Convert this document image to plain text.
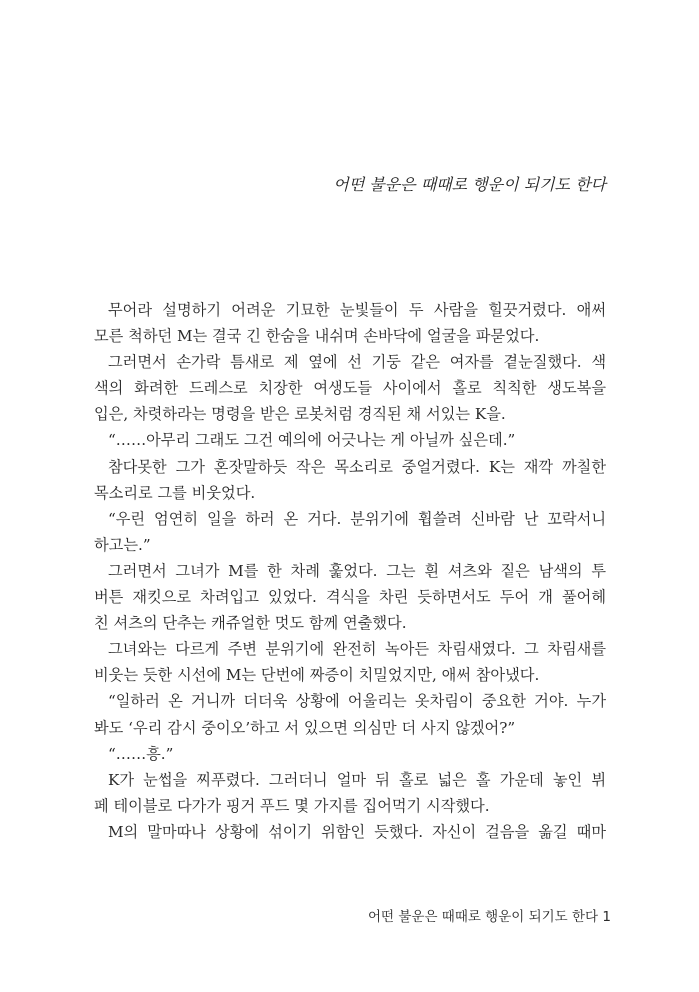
어떤 불운은 때때로 행운이 되기도 한다
무어라 설명하기 어려운 기묘한 눈빛들이 두 사람을 힐끗거렸다. 애써
모른 척하던 M는 결국 긴 한숨을 내쉬며 손바닥에 얼굴을 파묻었다.
그러면서 손가락 틈새로 제 옆에 선 기둥 같은 여자를 곁눈질했다. 색
색의 화려한 드레스로 치장한 여생도들 사이에서 홀로 칙칙한 생도복을
입은, 차렷하라는 명령을 받은 로봇처럼 경직된 채 서있는 K을.
“……아무리 그래도 그건 예의에 어긋나는 게 아닐까 싶은데.”
참다못한 그가 혼잣말하듯 작은 목소리로 중얼거렸다. K는 재깍 까칠한
목소리로 그를 비웃었다.
“우린 엄연히 일을 하러 온 거다. 분위기에 휩쓸려 신바람 난 꼬락서니
하고는.”
그러면서 그녀가 M를 한 차례 훑었다. 그는 흰 셔츠와 짙은 남색의 투
버튼 재킷으로 차려입고 있었다. 격식을 차린 듯하면서도 두어 개 풀어헤
친 셔츠의 단추는 캐쥬얼한 멋도 함께 연출했다.
그녀와는 다르게 주변 분위기에 완전히 녹아든 차림새였다. 그 차림새를
비웃는 듯한 시선에 M는 단번에 짜증이 치밀었지만, 애써 참아냈다.
“일하러 온 거니까 더더욱 상황에 어울리는 옷차림이 중요한 거야. 누가
봐도 ‘우리 감시 중이오’하고 서 있으면 의심만 더 사지 않겠어?”
“……흥.”
K가 눈썹을 찌푸렸다. 그러더니 얼마 뒤 홀로 넓은 홀 가운데 놓인 뷔
페 테이블로 다가가 핑거 푸드 몇 가지를 집어먹기 시작했다.
M의 말마따나 상황에 섞이기 위함인 듯했다. 자신이 걸음을 옮길 때마
어떤 불운은 때때로 행운이 되기도 한다 1
